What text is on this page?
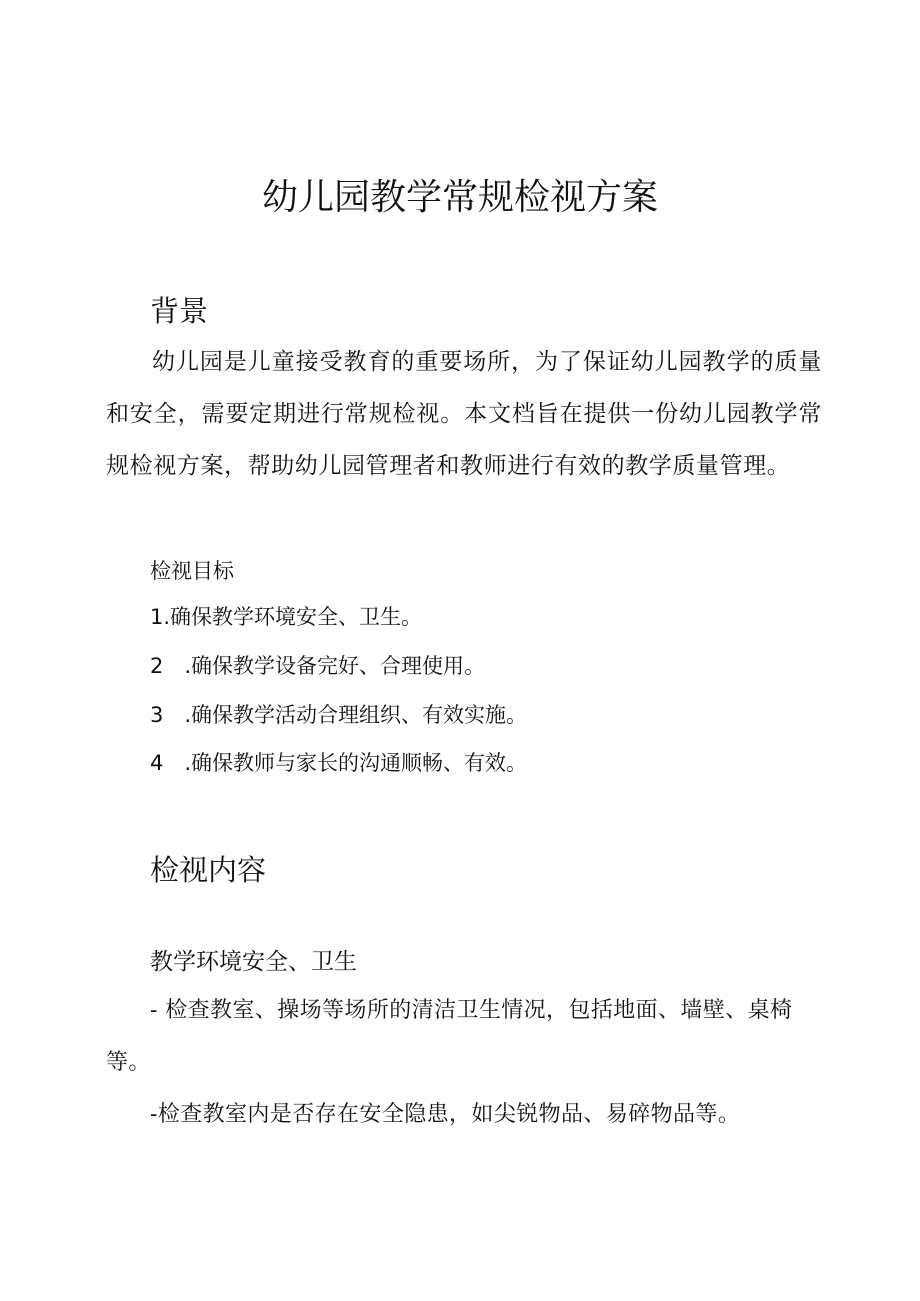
幼儿园教学常规检视方案
背景

幼儿园是儿童接受教育的重要场所，为了保证幼儿园教学的质量和安全，需要定期进行常规检视。本文档旨在提供一份幼儿园教学常规检视方案，帮助幼儿园管理者和教师进行有效的教学质量管理。

检视目标

1.确保教学环境安全、卫生。

2　.确保教学设备完好、合理使用。

3　.确保教学活动合理组织、有效实施。

4　.确保教师与家长的沟通顺畅、有效。

检视内容
教学环境安全、卫生

- 检查教室、操场等场所的清洁卫生情况，包括地面、墙壁、桌椅等。

-检查教室内是否存在安全隐患，如尖锐物品、易碎物品等。
